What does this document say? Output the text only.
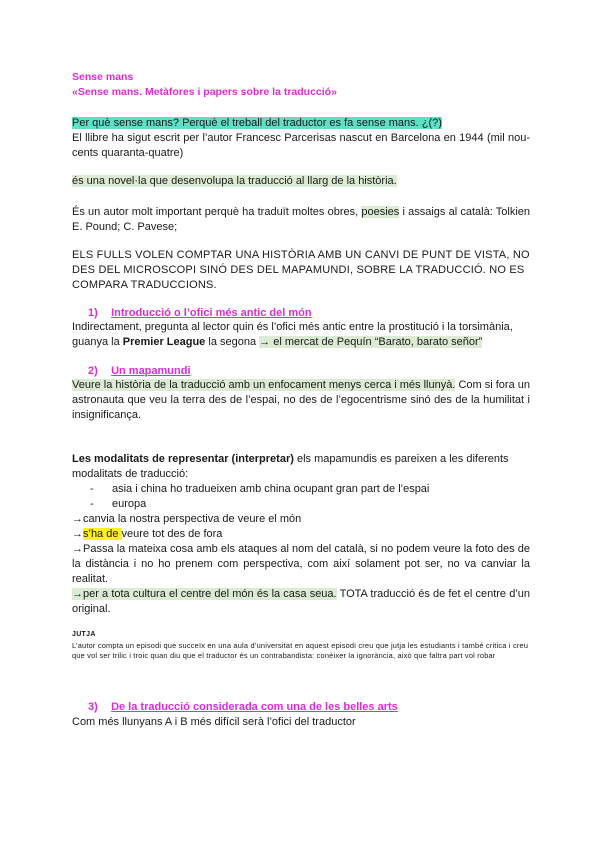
Sense mans
«Sense mans. Metàfores i papers sobre la traducció»

Per què sense mans? Perquè el treball del traductor es fa sense mans. ¿(?)

El llibre ha sigut escrit per l’autor Francesc Parcerisas nascut en Barcelona en 1944 (mil nou-cents quaranta-quatre)

és una novel·la que desenvolupa la traducció al llarg de la història.

És un autor molt important perquè ha traduït moltes obres, poesies i assaigs al català: Tolkien E. Pound; C. Pavese;
ELS FULLS VOLEN COMPTAR UNA HISTÒRIA AMB UN CANVI DE PUNT DE VISTA, NO DES DEL MICROSCOPI SINÓ DES DEL MAPAMUNDI, SOBRE LA TRADUCCIÓ. NO ES COMPARA TRADUCCIONS.
1) Introducció o l’ofici més antic del món
Indirectament, pregunta al lector quin és l’ofici més antic entre la prostitució i la torsimània, guanya la Premier League la segona → el mercat de Pequín “Barato, barato señor”
2) Un mapamundi
Veure la història de la traducció amb un enfocament menys cerca i més llunyà. Com si fora un astronauta que veu la terra des de l’espai, no des de l’egocentrisme sinó des de la humilitat i insignificança.

Les modalitats de representar (interpretar) els mapamundis es pareixen a les diferents modalitats de traducció:

- asia i china ho tradueixen amb china ocupant gran part de l’espai
- europa

→canvia la nostra perspectiva de veure el món

→s’ha de veure tot des de fora

→Passa la mateixa cosa amb els ataques al nom del català, si no podem veure la foto des de la distància i no ho prenem com perspectiva, com així solament pot ser, no va canviar la realitat.

→per a tota cultura el centre del món és la casa seua. TOTA traducció és de fet el centre d’un original.

JUTJA
L’autor compta un episodi que succeïx en una aula d’universitat en aquest episodi creu que jutja les estudiants i també critica i creu que vol ser trilic i troic quan diu que el traductor és un contrabandista: conèixer la ignorància, això que faltra part vol robar
3) De la traducció considerada com una de les belles arts
Com més llunyans A i B més difícil serà l’ofici del traductor
